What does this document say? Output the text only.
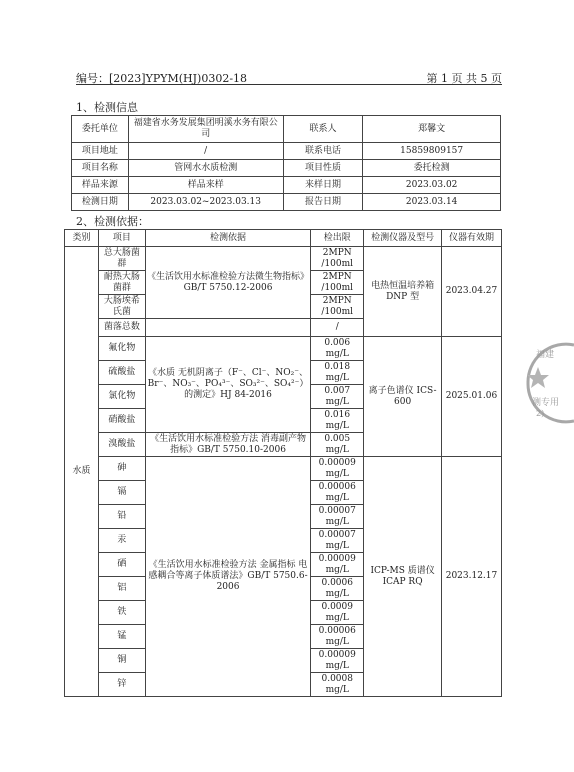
编号：[2023]YPYM(HJ)0302-18	第 1 页 共 5 页
1、检测信息
委托单位	福建省水务发展集团明溪水务有限公司	联系人	郑馨文
项目地址	/	联系电话	15859809157
项目名称	管网水水质检测	项目性质	委托检测
样品来源	样品来样	来样日期	2023.03.02
检测日期	2023.03.02~2023.03.13	报告日期	2023.03.14
2、检测依据：
类别	项目	检测依据	检出限	检测仪器及型号	仪器有效期
水质	总大肠菌群	《生活饮用水标准检验方法微生物指标》GB/T 5750.12-2006	2MPN /100ml	电热恒温培养箱 DNP 型	2023.04.27
	耐热大肠菌群		2MPN /100ml		
	大肠埃希氏菌		2MPN /100ml		
	菌落总数		/		
	氟化物	《水质 无机阴离子（F⁻、Cl⁻、NO₂⁻、Br⁻、NO₃⁻、PO₄³⁻、SO₃²⁻、SO₄²⁻）的测定》HJ 84-2016	0.006 mg/L	离子色谱仪 ICS-600	2025.01.06
	硫酸盐		0.018 mg/L		
	氯化物		0.007 mg/L		
	硝酸盐		0.016 mg/L		
	溴酸盐	《生活饮用水标准检验方法 消毒副产物指标》GB/T 5750.10-2006	0.005 mg/L		
	砷	《生活饮用水标准检验方法 金属指标 电感耦合等离子体质谱法》GB/T 5750.6-2006	0.00009 mg/L	ICP-MS 质谱仪 ICAP RQ	2023.12.17
	镉		0.00006 mg/L		
	铅		0.00007 mg/L		
	汞		0.00007 mg/L		
	硒		0.00009 mg/L		
	铝		0.0006 mg/L		
	铁		0.0009 mg/L		
	锰		0.00006 mg/L		
	铜		0.00009 mg/L		
	锌		0.0008 mg/L		
福建
测专用
2)
